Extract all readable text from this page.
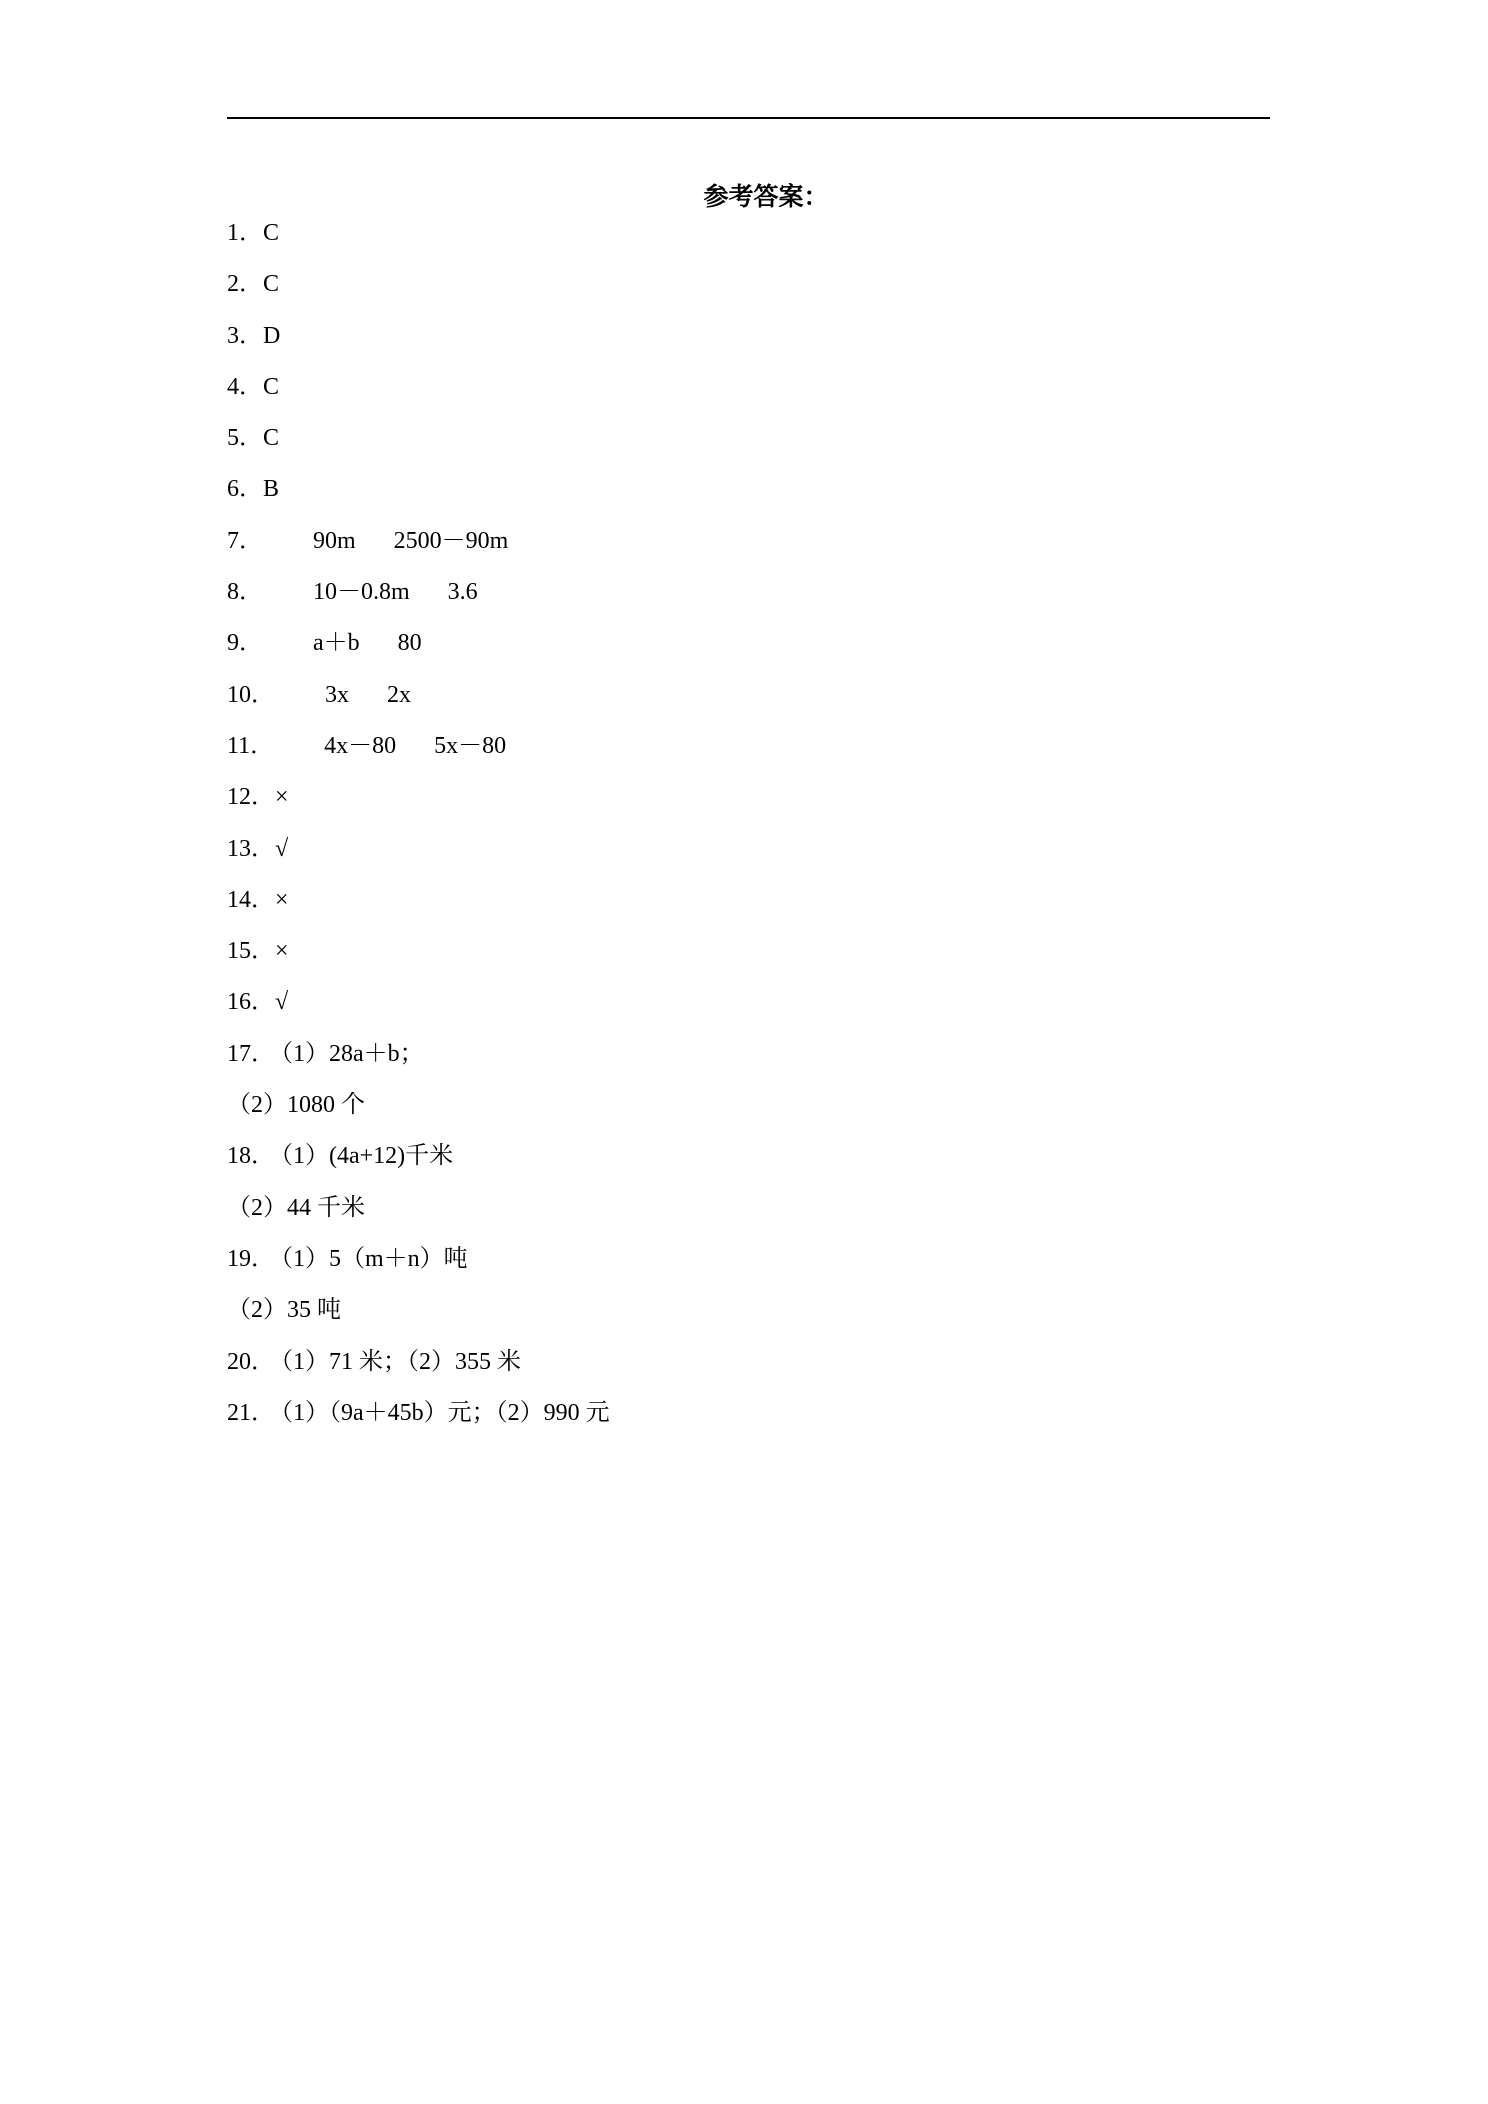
参考答案：
1． C
2． C
3． D
4． C
5． C
6． B
7． 90m 2500－90m
8． 10－0.8m 3.6
9． a＋b 80
10． 3x 2x
11． 4x－80 5x－80
12． ×
13． √
14． ×
15． ×
16． √
17．
（1）28a＋b；
（2）1080 个
18．
（1）(4a+12)千米
（2）44 千米
19．
（1）5（m＋n）吨
（2）35 吨
20．
（1）71 米；（2）355 米
21．
（1）（9a＋45b）元；（2）990 元
